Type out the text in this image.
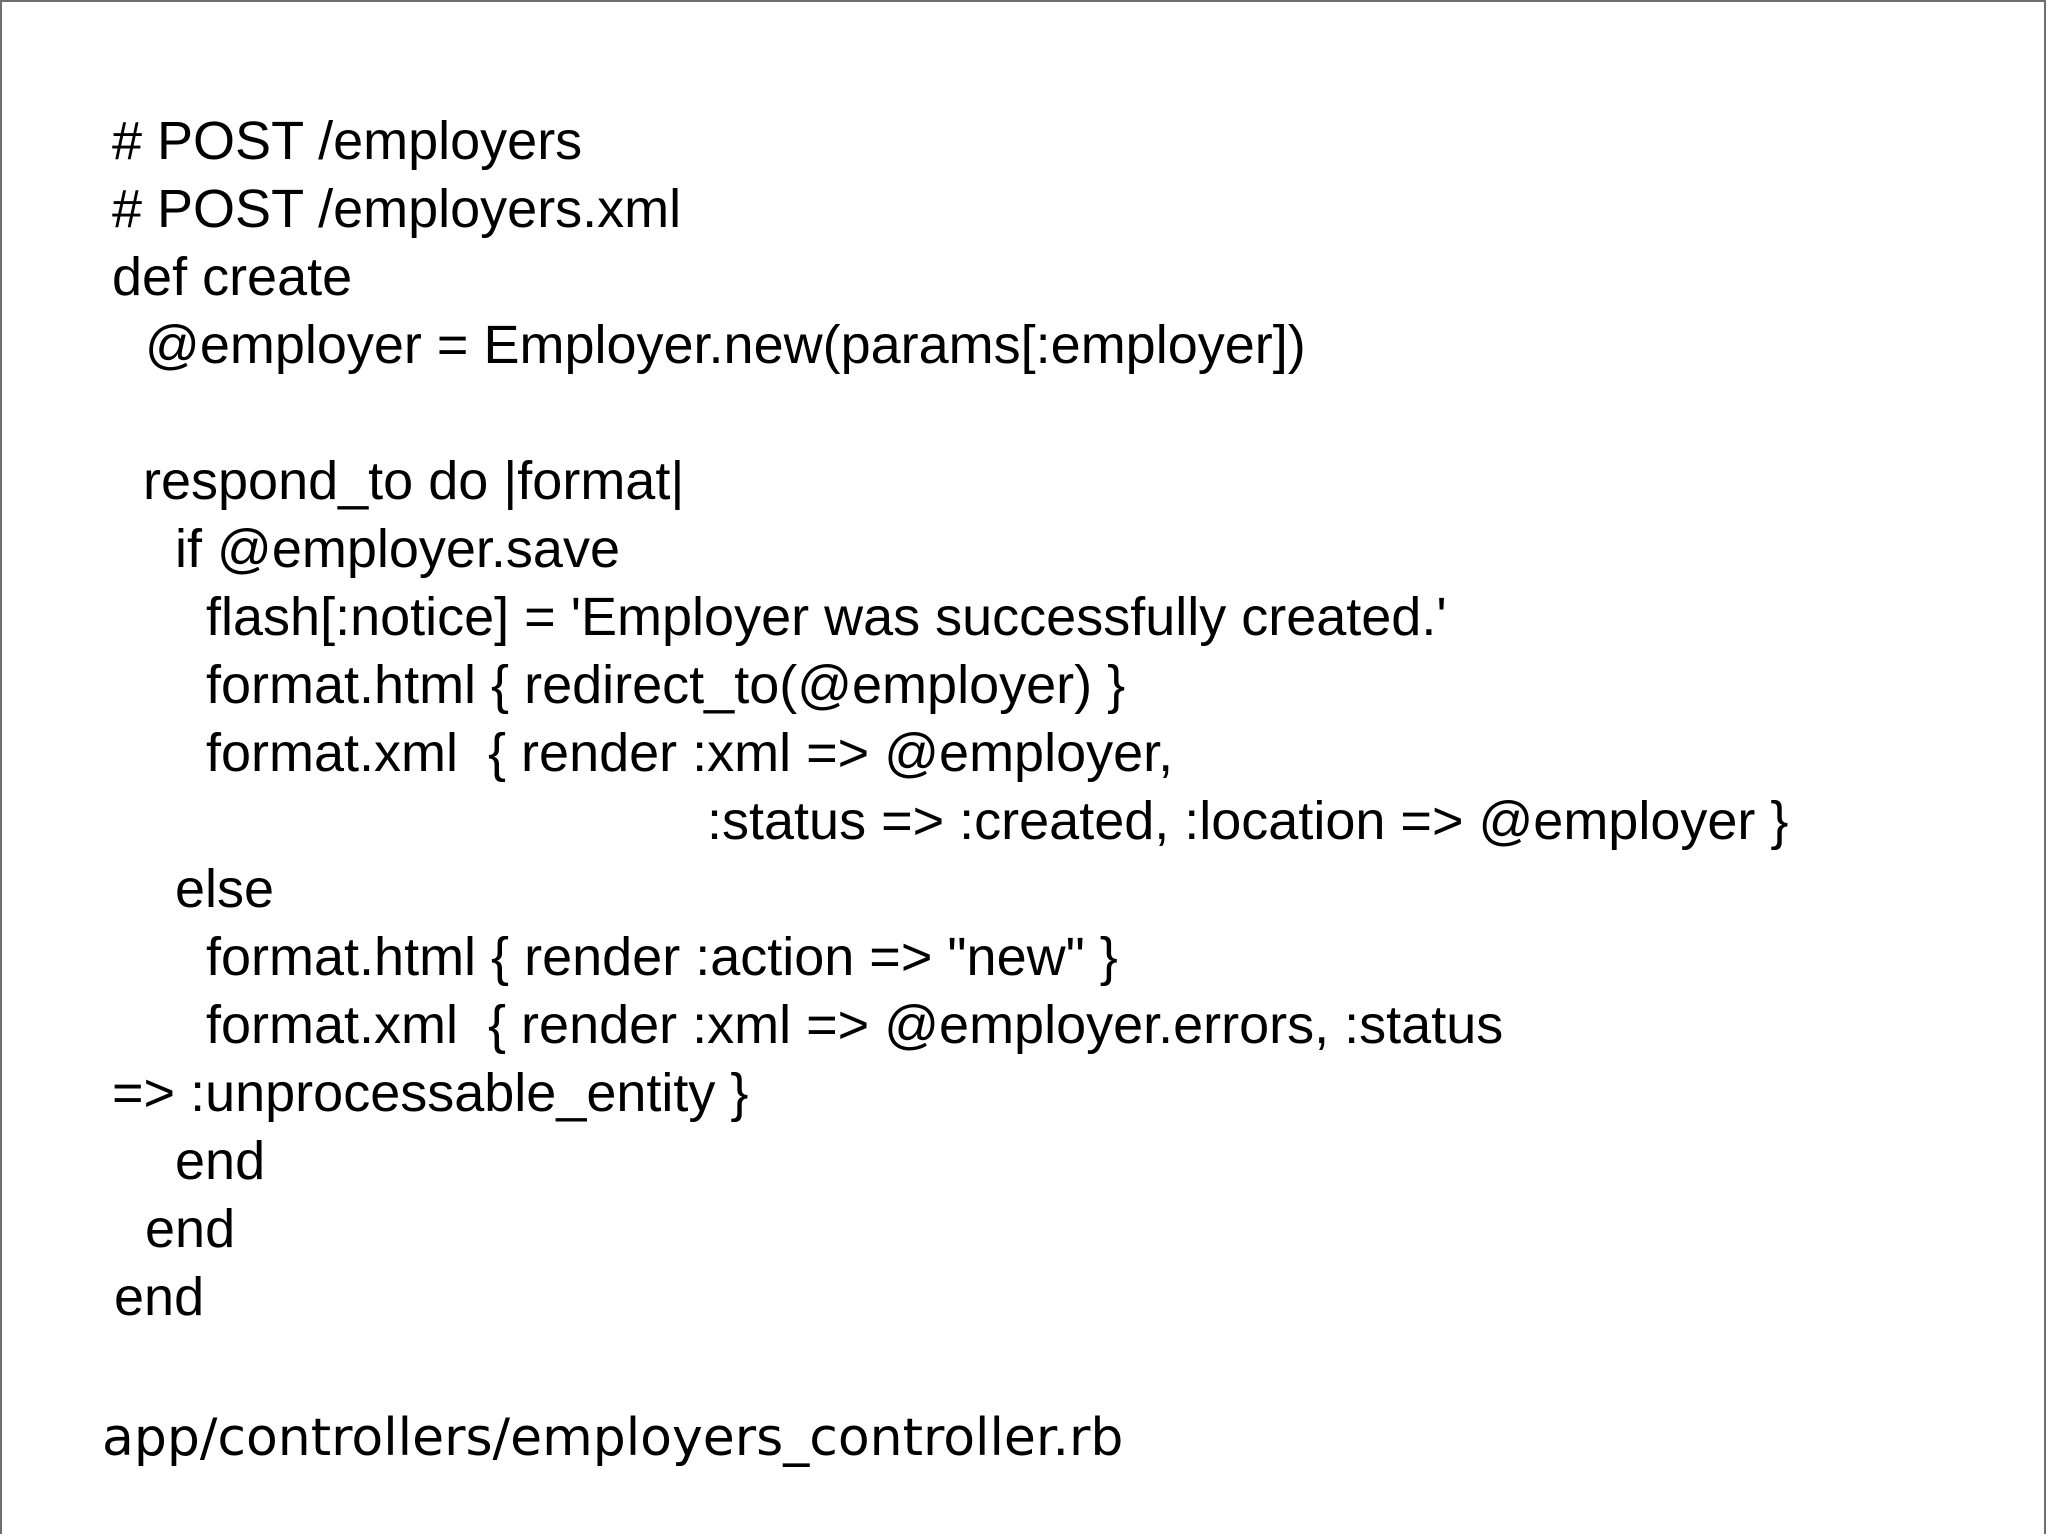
# POST /employers
# POST /employers.xml
def create
@employer = Employer.new(params[:employer])
respond_to do |format|
if @employer.save
flash[:notice] = 'Employer was successfully created.'
format.html { redirect_to(@employer) }
format.xml  { render :xml => @employer,
:status => :created, :location => @employer }
else
format.html { render :action => "new" }
format.xml  { render :xml => @employer.errors, :status
=> :unprocessable_entity }
end
end
end
app/controllers/employers_controller.rb
